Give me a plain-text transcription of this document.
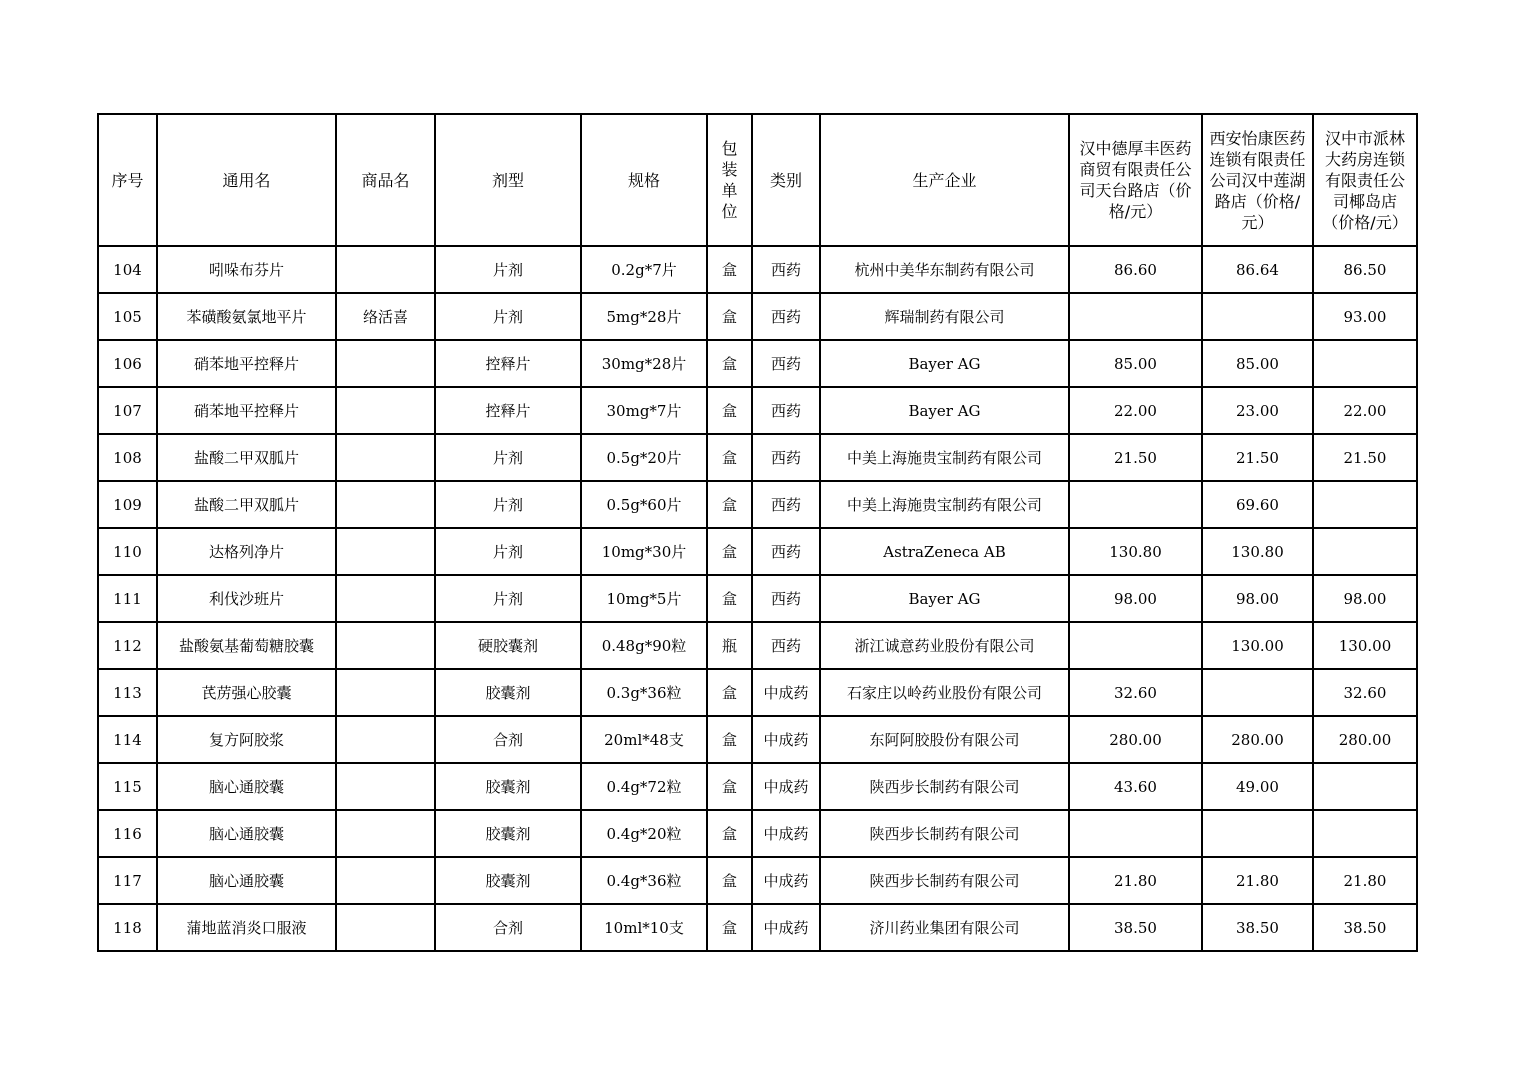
序号	通用名	商品名	剂型	规格	包装单位	类别	生产企业	汉中德厚丰医药商贸有限责任公司天台路店（价格/元）	西安怡康医药连锁有限责任公司汉中莲湖路店（价格/元）	汉中市派林大药房连锁有限责任公司椰岛店（价格/元）

104	吲哚布芬片		片剂	0.2g*7片	盒	西药	杭州中美华东制药有限公司	86.60	86.64	86.50
105	苯磺酸氨氯地平片	络活喜	片剂	5mg*28片	盒	西药	辉瑞制药有限公司			93.00
106	硝苯地平控释片		控释片	30mg*28片	盒	西药	Bayer AG	85.00	85.00	
107	硝苯地平控释片		控释片	30mg*7片	盒	西药	Bayer AG	22.00	23.00	22.00
108	盐酸二甲双胍片		片剂	0.5g*20片	盒	西药	中美上海施贵宝制药有限公司	21.50	21.50	21.50
109	盐酸二甲双胍片		片剂	0.5g*60片	盒	西药	中美上海施贵宝制药有限公司		69.60	
110	达格列净片		片剂	10mg*30片	盒	西药	AstraZeneca AB	130.80	130.80	
111	利伐沙班片		片剂	10mg*5片	盒	西药	Bayer AG	98.00	98.00	98.00
112	盐酸氨基葡萄糖胶囊		硬胶囊剂	0.48g*90粒	瓶	西药	浙江诚意药业股份有限公司		130.00	130.00
113	芪苈强心胶囊		胶囊剂	0.3g*36粒	盒	中成药	石家庄以岭药业股份有限公司	32.60		32.60
114	复方阿胶浆		合剂	20ml*48支	盒	中成药	东阿阿胶股份有限公司	280.00	280.00	280.00
115	脑心通胶囊		胶囊剂	0.4g*72粒	盒	中成药	陕西步长制药有限公司	43.60	49.00	
116	脑心通胶囊		胶囊剂	0.4g*20粒	盒	中成药	陕西步长制药有限公司			
117	脑心通胶囊		胶囊剂	0.4g*36粒	盒	中成药	陕西步长制药有限公司	21.80	21.80	21.80
118	蒲地蓝消炎口服液		合剂	10ml*10支	盒	中成药	济川药业集团有限公司	38.50	38.50	38.50
